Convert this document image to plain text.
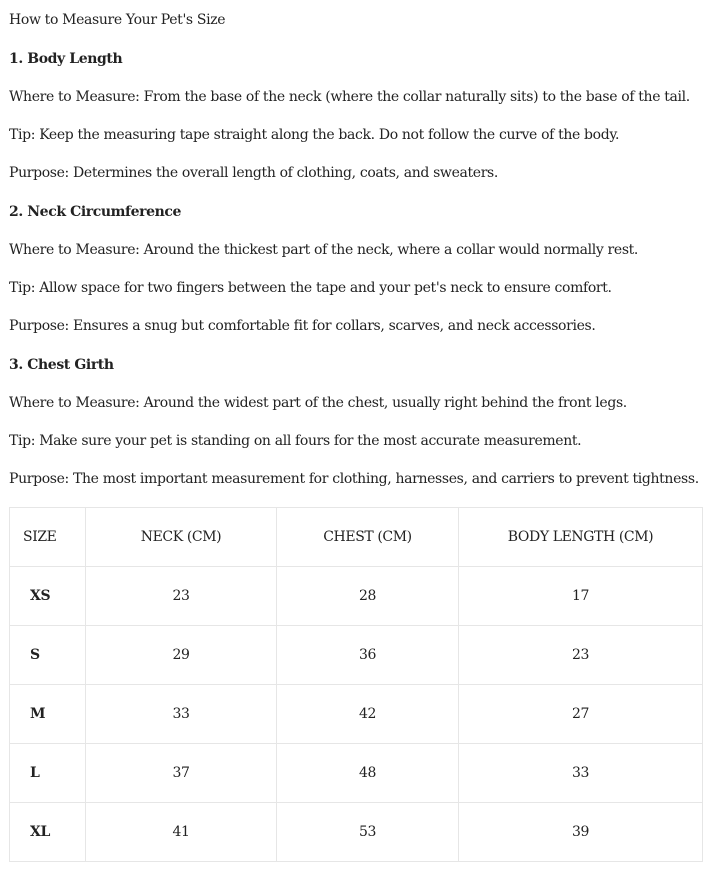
How to Measure Your Pet's Size
1. Body Length
Where to Measure: From the base of the neck (where the collar naturally sits) to the base of the tail.
Tip: Keep the measuring tape straight along the back. Do not follow the curve of the body.
Purpose: Determines the overall length of clothing, coats, and sweaters.
2. Neck Circumference
Where to Measure: Around the thickest part of the neck, where a collar would normally rest.
Tip: Allow space for two fingers between the tape and your pet's neck to ensure comfort.
Purpose: Ensures a snug but comfortable fit for collars, scarves, and neck accessories.
3. Chest Girth
Where to Measure: Around the widest part of the chest, usually right behind the front legs.
Tip: Make sure your pet is standing on all fours for the most accurate measurement.
Purpose: The most important measurement for clothing, harnesses, and carriers to prevent tightness.
SIZE	NECK (CM)	CHEST (CM)	BODY LENGTH (CM)
XS	23	28	17
S	29	36	23
M	33	42	27
L	37	48	33
XL	41	53	39
